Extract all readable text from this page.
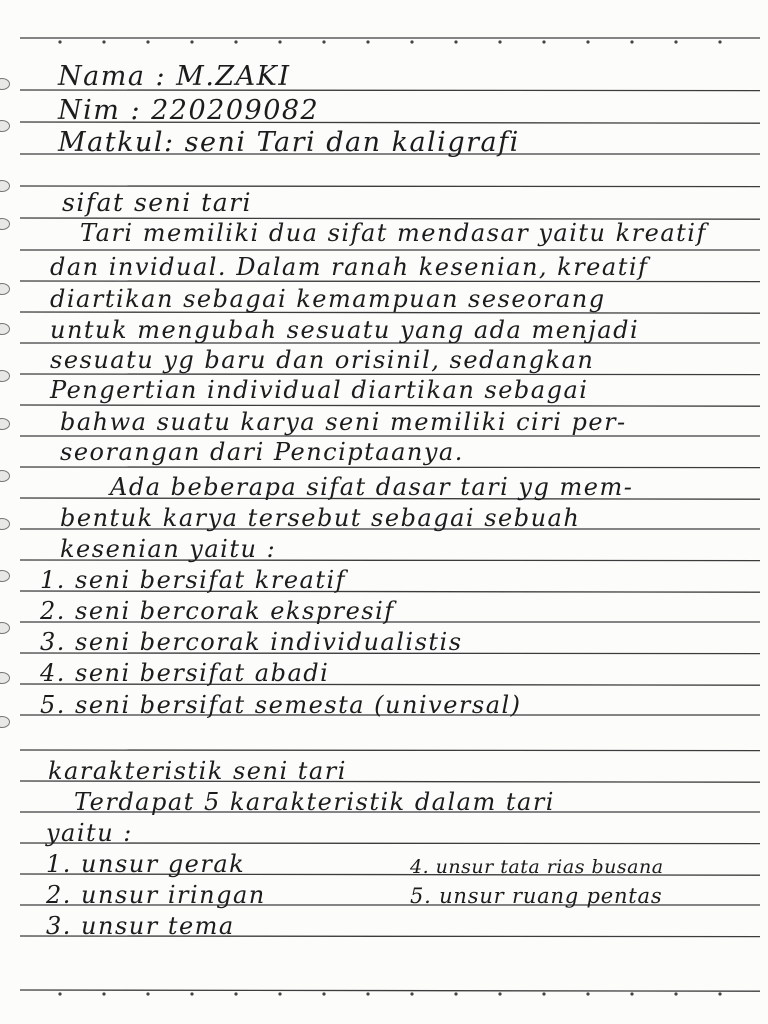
Nama : M.ZAKI
Nim : 220209082
Matkul: seni Tari dan kaligrafi
sifat seni tari
Tari memiliki dua sifat mendasar yaitu kreatif
dan invidual. Dalam ranah kesenian, kreatif
diartikan sebagai kemampuan seseorang
untuk mengubah sesuatu yang ada menjadi
sesuatu yg baru dan orisinil, sedangkan
Pengertian individual diartikan sebagai
bahwa suatu karya seni memiliki ciri per-
seorangan dari Penciptaanya.
Ada beberapa sifat dasar tari yg mem-
bentuk karya tersebut sebagai sebuah
kesenian yaitu :
1. seni bersifat kreatif
2. seni bercorak ekspresif
3. seni bercorak individualistis
4. seni bersifat abadi
5. seni bersifat semesta (universal)
karakteristik seni tari
Terdapat 5 karakteristik dalam tari
yaitu :
1. unsur gerak	4. unsur tata rias busana
2. unsur iringan	5. unsur ruang pentas
3. unsur tema
